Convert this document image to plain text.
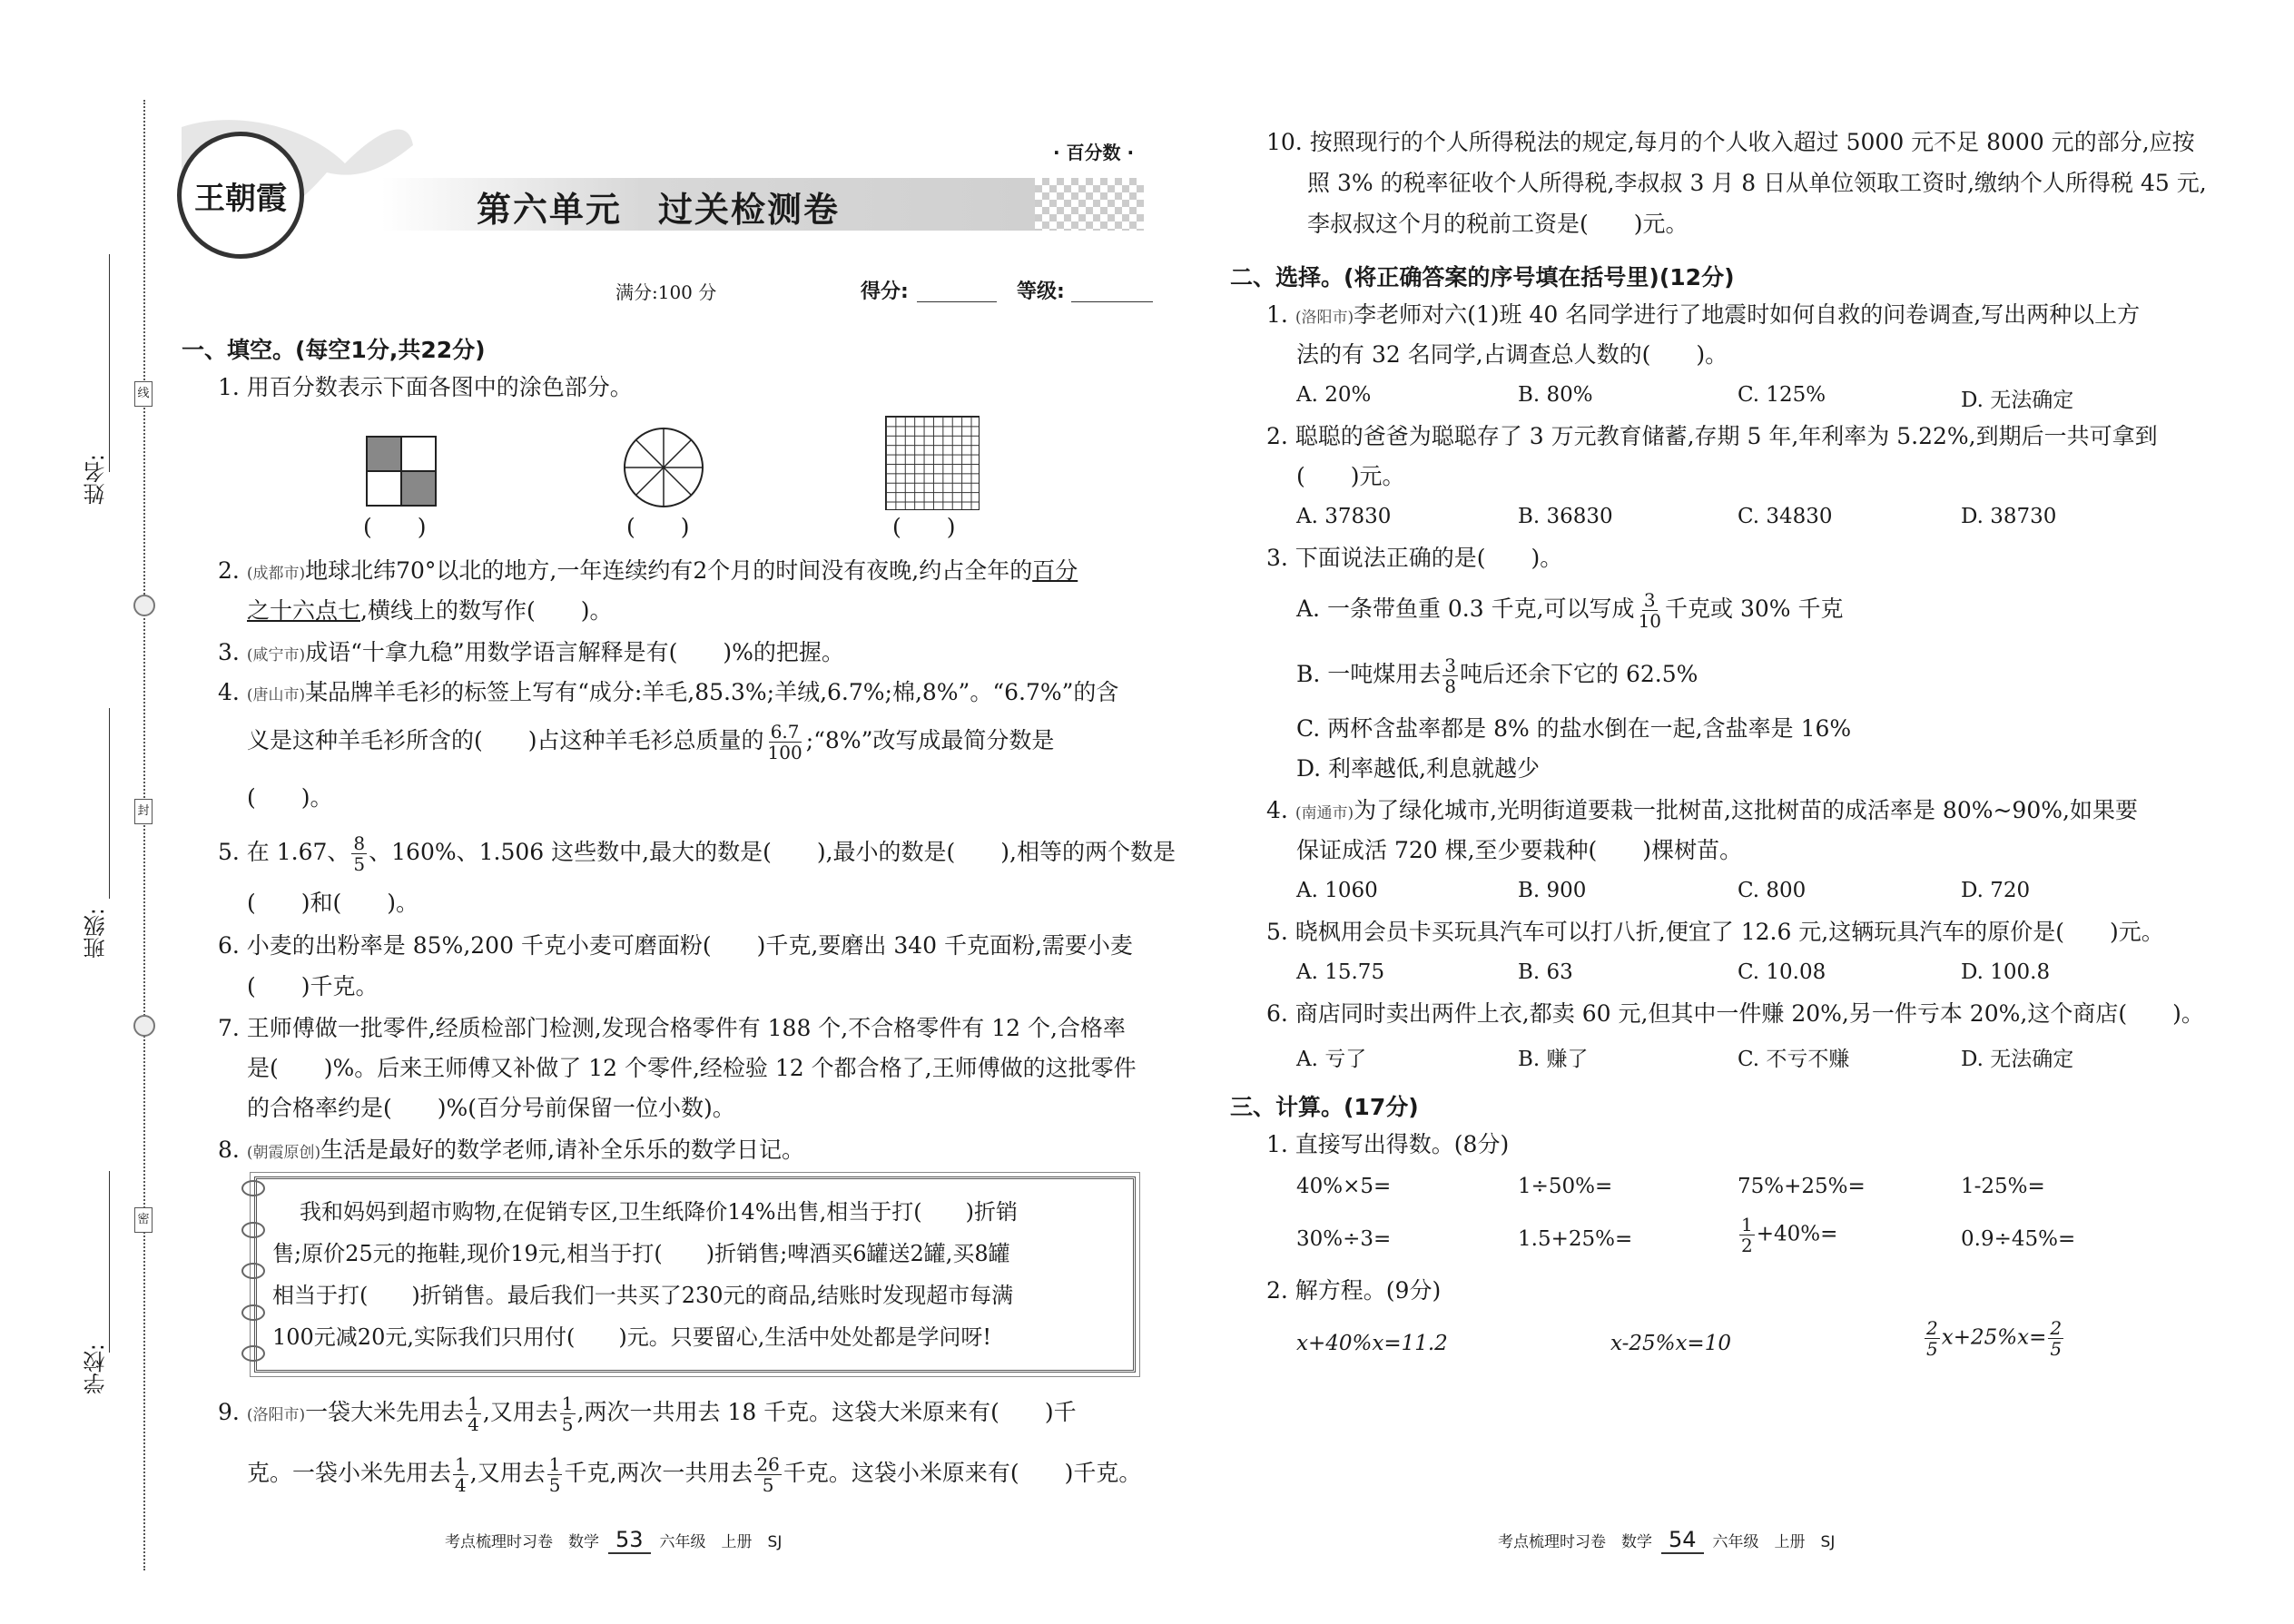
姓名:
班级:
学校:
线
封
密
王朝霞	第六单元　过关检测卷
· 百分数 ·
满分:100 分	得分:	等级:
一、填空。(每空1分,共22分)
1. 用百分数表示下面各图中的涂色部分。
(　　)	(　　)	(　　)
2. (成都市)地球北纬70°以北的地方,一年连续约有2个月的时间没有夜晚,约占全年的百分
之十六点七,横线上的数写作(　　)。
3. (咸宁市)成语“十拿九稳”用数学语言解释是有(　　)%的把握。
4. (唐山市)某品牌羊毛衫的标签上写有“成分:羊毛,85.3%;羊绒,6.7%;棉,8%”。“6.7%”的含
义是这种羊毛衫所含的(　　)占这种羊毛衫总质量的 $\frac{6.7}{100}$ ;“8%”改写成最简分数是
(　　)。
5. 在 1.67、 $\frac{8}{5}$ 、160%、1.506 这些数中,最大的数是(　　),最小的数是(　　),相等的两个数是
(　　)和(　　)。
6. 小麦的出粉率是 85%,200 千克小麦可磨面粉(　　)千克,要磨出 340 千克面粉,需要小麦
(　　)千克。
7. 王师傅做一批零件,经质检部门检测,发现合格零件有 188 个,不合格零件有 12 个,合格率
是(　　)%。后来王师傅又补做了 12 个零件,经检验 12 个都合格了,王师傅做的这批零件
的合格率约是(　　)%(百分号前保留一位小数)。
8. (朝霞原创)生活是最好的数学老师,请补全乐乐的数学日记。
我和妈妈到超市购物,在促销专区,卫生纸降价14%出售,相当于打(　　)折销
售;原价25元的拖鞋,现价19元,相当于打(　　)折销售;啤酒买6罐送2罐,买8罐
相当于打(　　)折销售。最后我们一共买了230元的商品,结账时发现超市每满
100元减20元,实际我们只用付(　　)元。只要留心,生活中处处都是学问呀!
9. (洛阳市)一袋大米先用去 $\frac{1}{4}$ ,又用去 $\frac{1}{5}$ ,两次一共用去 18 千克。这袋大米原来有(　　)千
克。一袋小米先用去 $\frac{1}{4}$ ,又用去 $\frac{1}{5}$ 千克,两次一共用去 $\frac{26}{5}$ 千克。这袋小米原来有(　　)千克。
考点梳理时习卷　数学 53 六年级　上册　SJ
10. 按照现行的个人所得税法的规定,每月的个人收入超过 5000 元不足 8000 元的部分,应按
照 3% 的税率征收个人所得税,李叔叔 3 月 8 日从单位领取工资时,缴纳个人所得税 45 元,
李叔叔这个月的税前工资是(　　)元。
二、选择。(将正确答案的序号填在括号里)(12分)
1. (洛阳市)李老师对六(1)班 40 名同学进行了地震时如何自救的问卷调查,写出两种以上方
法的有 32 名同学,占调查总人数的(　　)。
A. 20%	B. 80%	C. 125%	D. 无法确定
2. 聪聪的爸爸为聪聪存了 3 万元教育储蓄,存期 5 年,年利率为 5.22%,到期后一共可拿到
(　　)元。
A. 37830	B. 36830	C. 34830	D. 38730
3. 下面说法正确的是(　　)。
A. 一条带鱼重 0.3 千克,可以写成 $\frac{3}{10}$ 千克或 30% 千克
B. 一吨煤用去 $\frac{3}{8}$ 吨后还余下它的 62.5%
C. 两杯含盐率都是 8% 的盐水倒在一起,含盐率是 16%
D. 利率越低,利息就越少
4. (南通市)为了绿化城市,光明街道要栽一批树苗,这批树苗的成活率是 80%~90%,如果要
保证成活 720 棵,至少要栽种(　　)棵树苗。
A. 1060	B. 900	C. 800	D. 720
5. 晓枫用会员卡买玩具汽车可以打八折,便宜了 12.6 元,这辆玩具汽车的原价是(　　)元。
A. 15.75	B. 63	C. 10.08	D. 100.8
6. 商店同时卖出两件上衣,都卖 60 元,但其中一件赚 20%,另一件亏本 20%,这个商店(　　)。
A. 亏了	B. 赚了	C. 不亏不赚	D. 无法确定
三、计算。(17分)
1. 直接写出得数。(8分)
40%×5=	1÷50%=	75%+25%=	1-25%=
30%÷3=	1.5+25%=	$\frac{1}{2} +40\%=$	0.9÷45%=
2. 解方程。(9分)
x+40%x=11.2	x-25%x=10	$\frac{2}{5} x+25\%x= \frac{2}{5}$
考点梳理时习卷　数学 54 六年级　上册　SJ
